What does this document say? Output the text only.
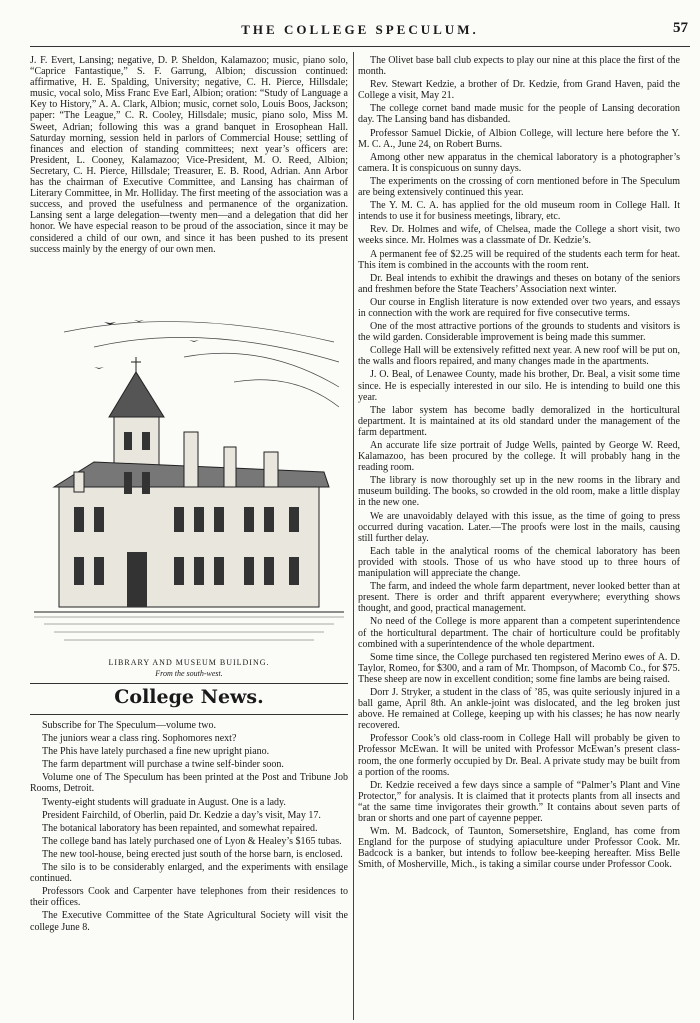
THE COLLEGE SPECULUM.	57

J. F. Evert, Lansing; negative, D. P. Sheldon, Kalamazoo; music, piano solo, “Caprice Fantastique,” S. F. Garrung, Albion; discussion continued: affirmative, H. E. Spalding, University; negative, C. H. Pierce, Hillsdale; music, vocal solo, Miss Franc Eve Earl, Albion; oration: “Study of Language a Key to History,” A. A. Clark, Albion; music, cornet solo, Louis Boos, Jackson; paper: “The League,” C. R. Cooley, Hillsdale; music, piano solo, Miss M. Sweet, Adrian; following this was a grand banquet in Erosophean Hall. Saturday morning, session held in parlors of Commercial House; settling of finances and election of standing committees; next year’s officers are: President, L. Cooney, Kalamazoo; Vice-President, M. O. Reed, Albion; Secretary, C. H. Pierce, Hillsdale; Treasurer, E. B. Rood, Adrian. Ann Arbor has the chairman of Executive Committee, and Lansing has chairman of Literary Committee, in Mr. Holliday. The first meeting of the association was a success, and proved the usefulness and permanence of the organization. Lansing sent a large delegation—twenty men—and a delegation that did her honor. We have especial reason to be proud of the association, since it may be considered a child of our own, and since it has been pushed to its present success mainly by the energy of our own men.

LIBRARY AND MUSEUM BUILDING.
From the south-west.
College News.

Subscribe for The Speculum—volume two.

The juniors wear a class ring. Sophomores next?

The Phis have lately purchased a fine new upright piano.

The farm department will purchase a twine self-binder soon.

Volume one of The Speculum has been printed at the Post and Tribune Job Rooms, Detroit.

Twenty-eight students will graduate in August. One is a lady.

President Fairchild, of Oberlin, paid Dr. Kedzie a day’s visit, May 17.

The botanical laboratory has been repainted, and somewhat repaired.

The college band has lately purchased one of Lyon & Healey’s $165 tubas.

The new tool-house, being erected just south of the horse barn, is enclosed.

The silo is to be considerably enlarged, and the experiments with ensilage continued.

Professors Cook and Carpenter have telephones from their residences to their offices.

The Executive Committee of the State Agricultural Society will visit the college June 8.

The Olivet base ball club expects to play our nine at this place the first of the month.

Rev. Stewart Kedzie, a brother of Dr. Kedzie, from Grand Haven, paid the College a visit, May 21.

The college cornet band made music for the people of Lansing decoration day. The Lansing band has disbanded.

Professor Samuel Dickie, of Albion College, will lecture here before the Y. M. C. A., June 24, on Robert Burns.

Among other new apparatus in the chemical laboratory is a photographer’s camera. It is conspicuous on sunny days.

The experiments on the crossing of corn mentioned before in The Speculum are being extensively continued this year.

The Y. M. C. A. has applied for the old museum room in College Hall. It intends to use it for business meetings, library, etc.

Rev. Dr. Holmes and wife, of Chelsea, made the College a short visit, two weeks since. Mr. Holmes was a classmate of Dr. Kedzie’s.

A permanent fee of $2.25 will be required of the students each term for heat. This item is combined in the accounts with the room rent.

Dr. Beal intends to exhibit the drawings and theses on botany of the seniors and freshmen before the State Teachers’ Association next winter.

Our course in English literature is now extended over two years, and essays in connection with the work are required for five consecutive terms.

One of the most attractive portions of the grounds to students and visitors is the wild garden. Considerable improvement is being made this summer.

College Hall will be extensively refitted next year. A new roof will be put on, the walls and floors repaired, and many changes made in the apartments.

J. O. Beal, of Lenawee County, made his brother, Dr. Beal, a visit some time since. He is especially interested in our silo. He is intending to build one this year.

The labor system has become badly demoralized in the horticultural department. It is maintained at its old standard under the management of the farm department.

An accurate life size portrait of Judge Wells, painted by George W. Reed, Kalamazoo, has been procured by the college. It will probably hang in the reading room.

The library is now thoroughly set up in the new rooms in the library and museum building. The books, so crowded in the old room, make a little display in the new one.

We are unavoidably delayed with this issue, as the time of going to press occurred during vacation. Later.—The proofs were lost in the mails, causing still further delay.

Each table in the analytical rooms of the chemical laboratory has been provided with stools. Those of us who have stood up to three hours of manipulation will appreciate the change.

The farm, and indeed the whole farm department, never looked better than at present. There is order and thrift apparent everywhere; everything shows thought, and good, practical management.

No need of the College is more apparent than a competent superintendence of the horticultural department. The chair of horticulture could be profitably combined with a superintendence of the whole department.

Some time since, the College purchased ten registered Merino ewes of A. D. Taylor, Romeo, for $300, and a ram of Mr. Thompson, of Macomb Co., for $75. These sheep are now in excellent condition; some fine lambs are being raised.

Dorr J. Stryker, a student in the class of ’85, was quite seriously injured in a ball game, April 8th. An ankle-joint was dislocated, and the leg broken just above. He remained at College, keeping up with his classes; he has now nearly recovered.

Professor Cook’s old class-room in College Hall will probably be given to Professor McEwan. It will be united with Professor McEwan’s present class-room, the one formerly occupied by Dr. Beal. A private study may be built from a portion of the rooms.

Dr. Kedzie received a few days since a sample of “Palmer’s Plant and Vine Protector,” for analysis. It is claimed that it protects plants from all insects and “at the same time invigorates their growth.” It contains about seven parts of bran or shorts and one part of cayenne pepper.

Wm. M. Badcock, of Taunton, Somersetshire, England, has come from England for the purpose of studying apiaculture under Professor Cook. Mr. Badcock is a banker, but intends to follow bee-keeping hereafter. Miss Belle Smith, of Mosherville, Mich., is taking a similar course under Professor Cook.
